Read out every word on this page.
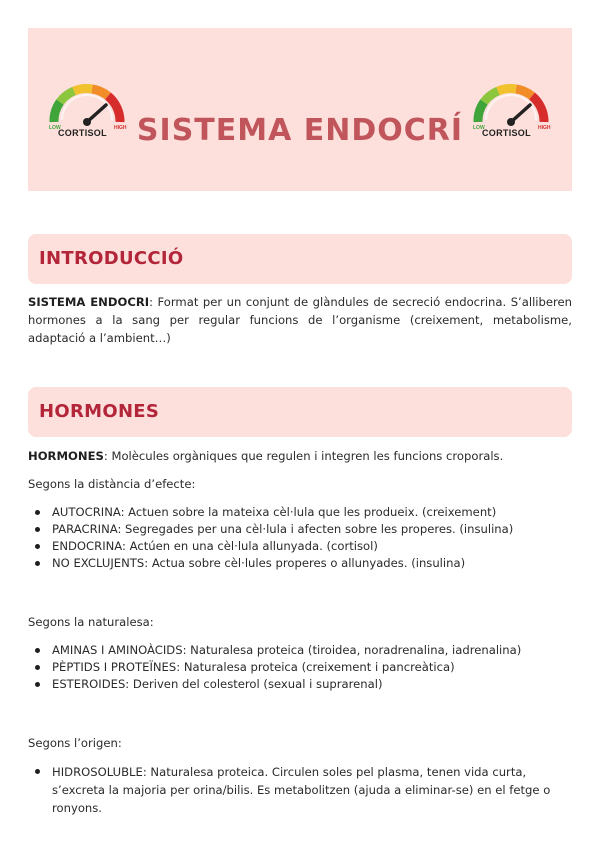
SISTEMA ENDOCRÍ
LOW	HIGH
CORTISOL	LOW	HIGH
CORTISOL
INTRODUCCIÓ
SISTEMA ENDOCRI: Format per un conjunt de glàndules de secreció endocrina. S’alliberen hormones a la sang per regular funcions de l’organisme (creixement, metabolisme, adaptació a l’ambient…)
HORMONES
HORMONES: Molècules orgàniques que regulen i integren les funcions croporals.
Segons la distància d’efecte:
AUTOCRINA: Actuen sobre la mateixa cèl·lula que les produeix. (creixement)
PARACRINA: Segregades per una cèl·lula i afecten sobre les properes. (insulina)
ENDOCRINA: Actúen en una cèl·lula allunyada. (cortisol)
NO EXCLUJENTS: Actua sobre cèl·lules properes o allunyades. (insulina)
Segons la naturalesa:
AMINAS I AMINOÀCIDS: Naturalesa proteica (tiroidea, noradrenalina, iadrenalina)
PÈPTIDS I PROTEÏNES: Naturalesa proteica (creixement i pancreàtica)
ESTEROIDES: Deriven del colesterol (sexual i suprarenal)
Segons l’origen:
HIDROSOLUBLE: Naturalesa proteica. Circulen soles pel plasma, tenen vida curta, s’excreta la majoria per orina/bilis. Es metabolitzen (ajuda a eliminar-se) en el fetge o ronyons.
